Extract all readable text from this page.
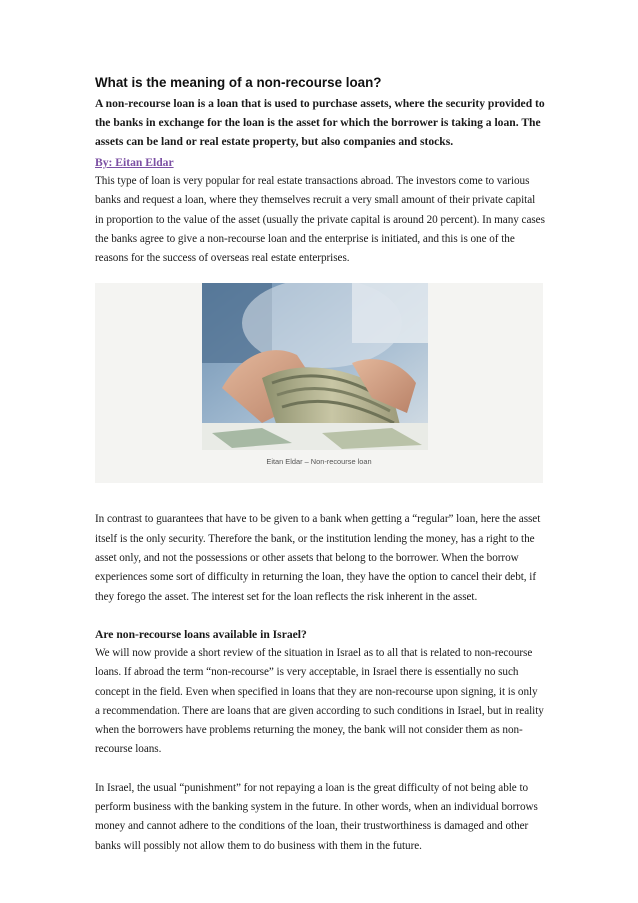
What is the meaning of a non-recourse loan?

A non-recourse loan is a loan that is used to purchase assets, where the security provided to the banks in exchange for the loan is the asset for which the borrower is taking a loan. The assets can be land or real estate property, but also companies and stocks.

By: Eitan Eldar

This type of loan is very popular for real estate transactions abroad. The investors come to various banks and request a loan, where they themselves recruit a very small amount of their private capital in proportion to the value of the asset (usually the private capital is around 20 percent). In many cases the banks agree to give a non-recourse loan and the enterprise is initiated, and this is one of the reasons for the success of overseas real estate enterprises.

Eitan Eldar – Non-recourse loan

In contrast to guarantees that have to be given to a bank when getting a “regular” loan, here the asset itself is the only security. Therefore the bank, or the institution lending the money, has a right to the asset only, and not the possessions or other assets that belong to the borrower. When the borrow experiences some sort of difficulty in returning the loan, they have the option to cancel their debt, if they forego the asset. The interest set for the loan reflects the risk inherent in the asset.

Are non-recourse loans available in Israel?

We will now provide a short review of the situation in Israel as to all that is related to non-recourse loans. If abroad the term “non-recourse” is very acceptable, in Israel there is essentially no such concept in the field. Even when specified in loans that they are non-recourse upon signing, it is only a recommendation. There are loans that are given according to such conditions in Israel, but in reality when the borrowers have problems returning the money, the bank will not consider them as non-recourse loans.

In Israel, the usual “punishment” for not repaying a loan is the great difficulty of not being able to perform business with the banking system in the future. In other words, when an individual borrows money and cannot adhere to the conditions of the loan, their trustworthiness is damaged and other banks will possibly not allow them to do business with them in the future.
